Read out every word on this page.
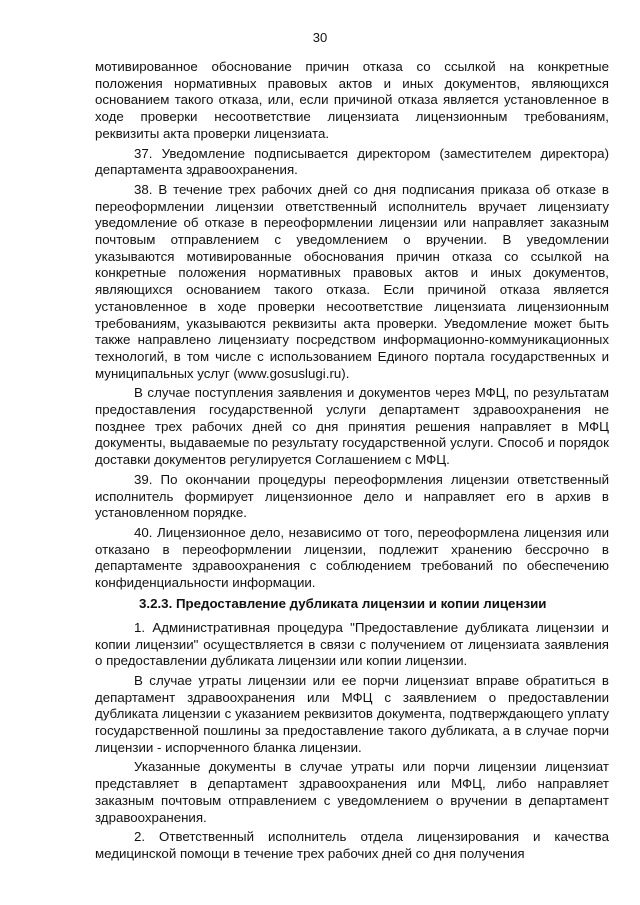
30

мотивированное обоснование причин отказа со ссылкой на конкретные положения нормативных правовых актов и иных документов, являющихся основанием такого отказа, или, если причиной отказа является установленное в ходе проверки несоответствие лицензиата лицензионным требованиям, реквизиты акта проверки лицензиата.

37. Уведомление подписывается директором (заместителем директора) департамента здравоохранения.

38. В течение трех рабочих дней со дня подписания приказа об отказе в переоформлении лицензии ответственный исполнитель вручает лицензиату уведомление об отказе в переоформлении лицензии или направляет заказным почтовым отправлением с уведомлением о вручении. В уведомлении указываются мотивированные обоснования причин отказа со ссылкой на конкретные положения нормативных правовых актов и иных документов, являющихся основанием такого отказа. Если причиной отказа является установленное в ходе проверки несоответствие лицензиата лицензионным требованиям, указываются реквизиты акта проверки. Уведомление может быть также направлено лицензиату посредством информационно-коммуникационных технологий, в том числе с использованием Единого портала государственных и муниципальных услуг (www.gosuslugi.ru).

В случае поступления заявления и документов через МФЦ, по результатам предоставления государственной услуги департамент здравоохранения не позднее трех рабочих дней со дня принятия решения направляет в МФЦ документы, выдаваемые по результату государственной услуги. Способ и порядок доставки документов регулируется Соглашением с МФЦ.

39. По окончании процедуры переоформления лицензии ответственный исполнитель формирует лицензионное дело и направляет его в архив в установленном порядке.

40. Лицензионное дело, независимо от того, переоформлена лицензия или отказано в переоформлении лицензии, подлежит хранению бессрочно в департаменте здравоохранения с соблюдением требований по обеспечению конфиденциальности информации.

3.2.3. Предоставление дубликата лицензии и копии лицензии

1. Административная процедура "Предоставление дубликата лицензии и копии лицензии" осуществляется в связи с получением от лицензиата заявления о предоставлении дубликата лицензии или копии лицензии.

В случае утраты лицензии или ее порчи лицензиат вправе обратиться в департамент здравоохранения или МФЦ с заявлением о предоставлении дубликата лицензии с указанием реквизитов документа, подтверждающего уплату государственной пошлины за предоставление такого дубликата, а в случае порчи лицензии - испорченного бланка лицензии.

Указанные документы в случае утраты или порчи лицензии лицензиат представляет в департамент здравоохранения или МФЦ, либо направляет заказным почтовым отправлением с уведомлением о вручении в департамент здравоохранения.

2. Ответственный исполнитель отдела лицензирования и качества медицинской помощи в течение трех рабочих дней со дня получения
